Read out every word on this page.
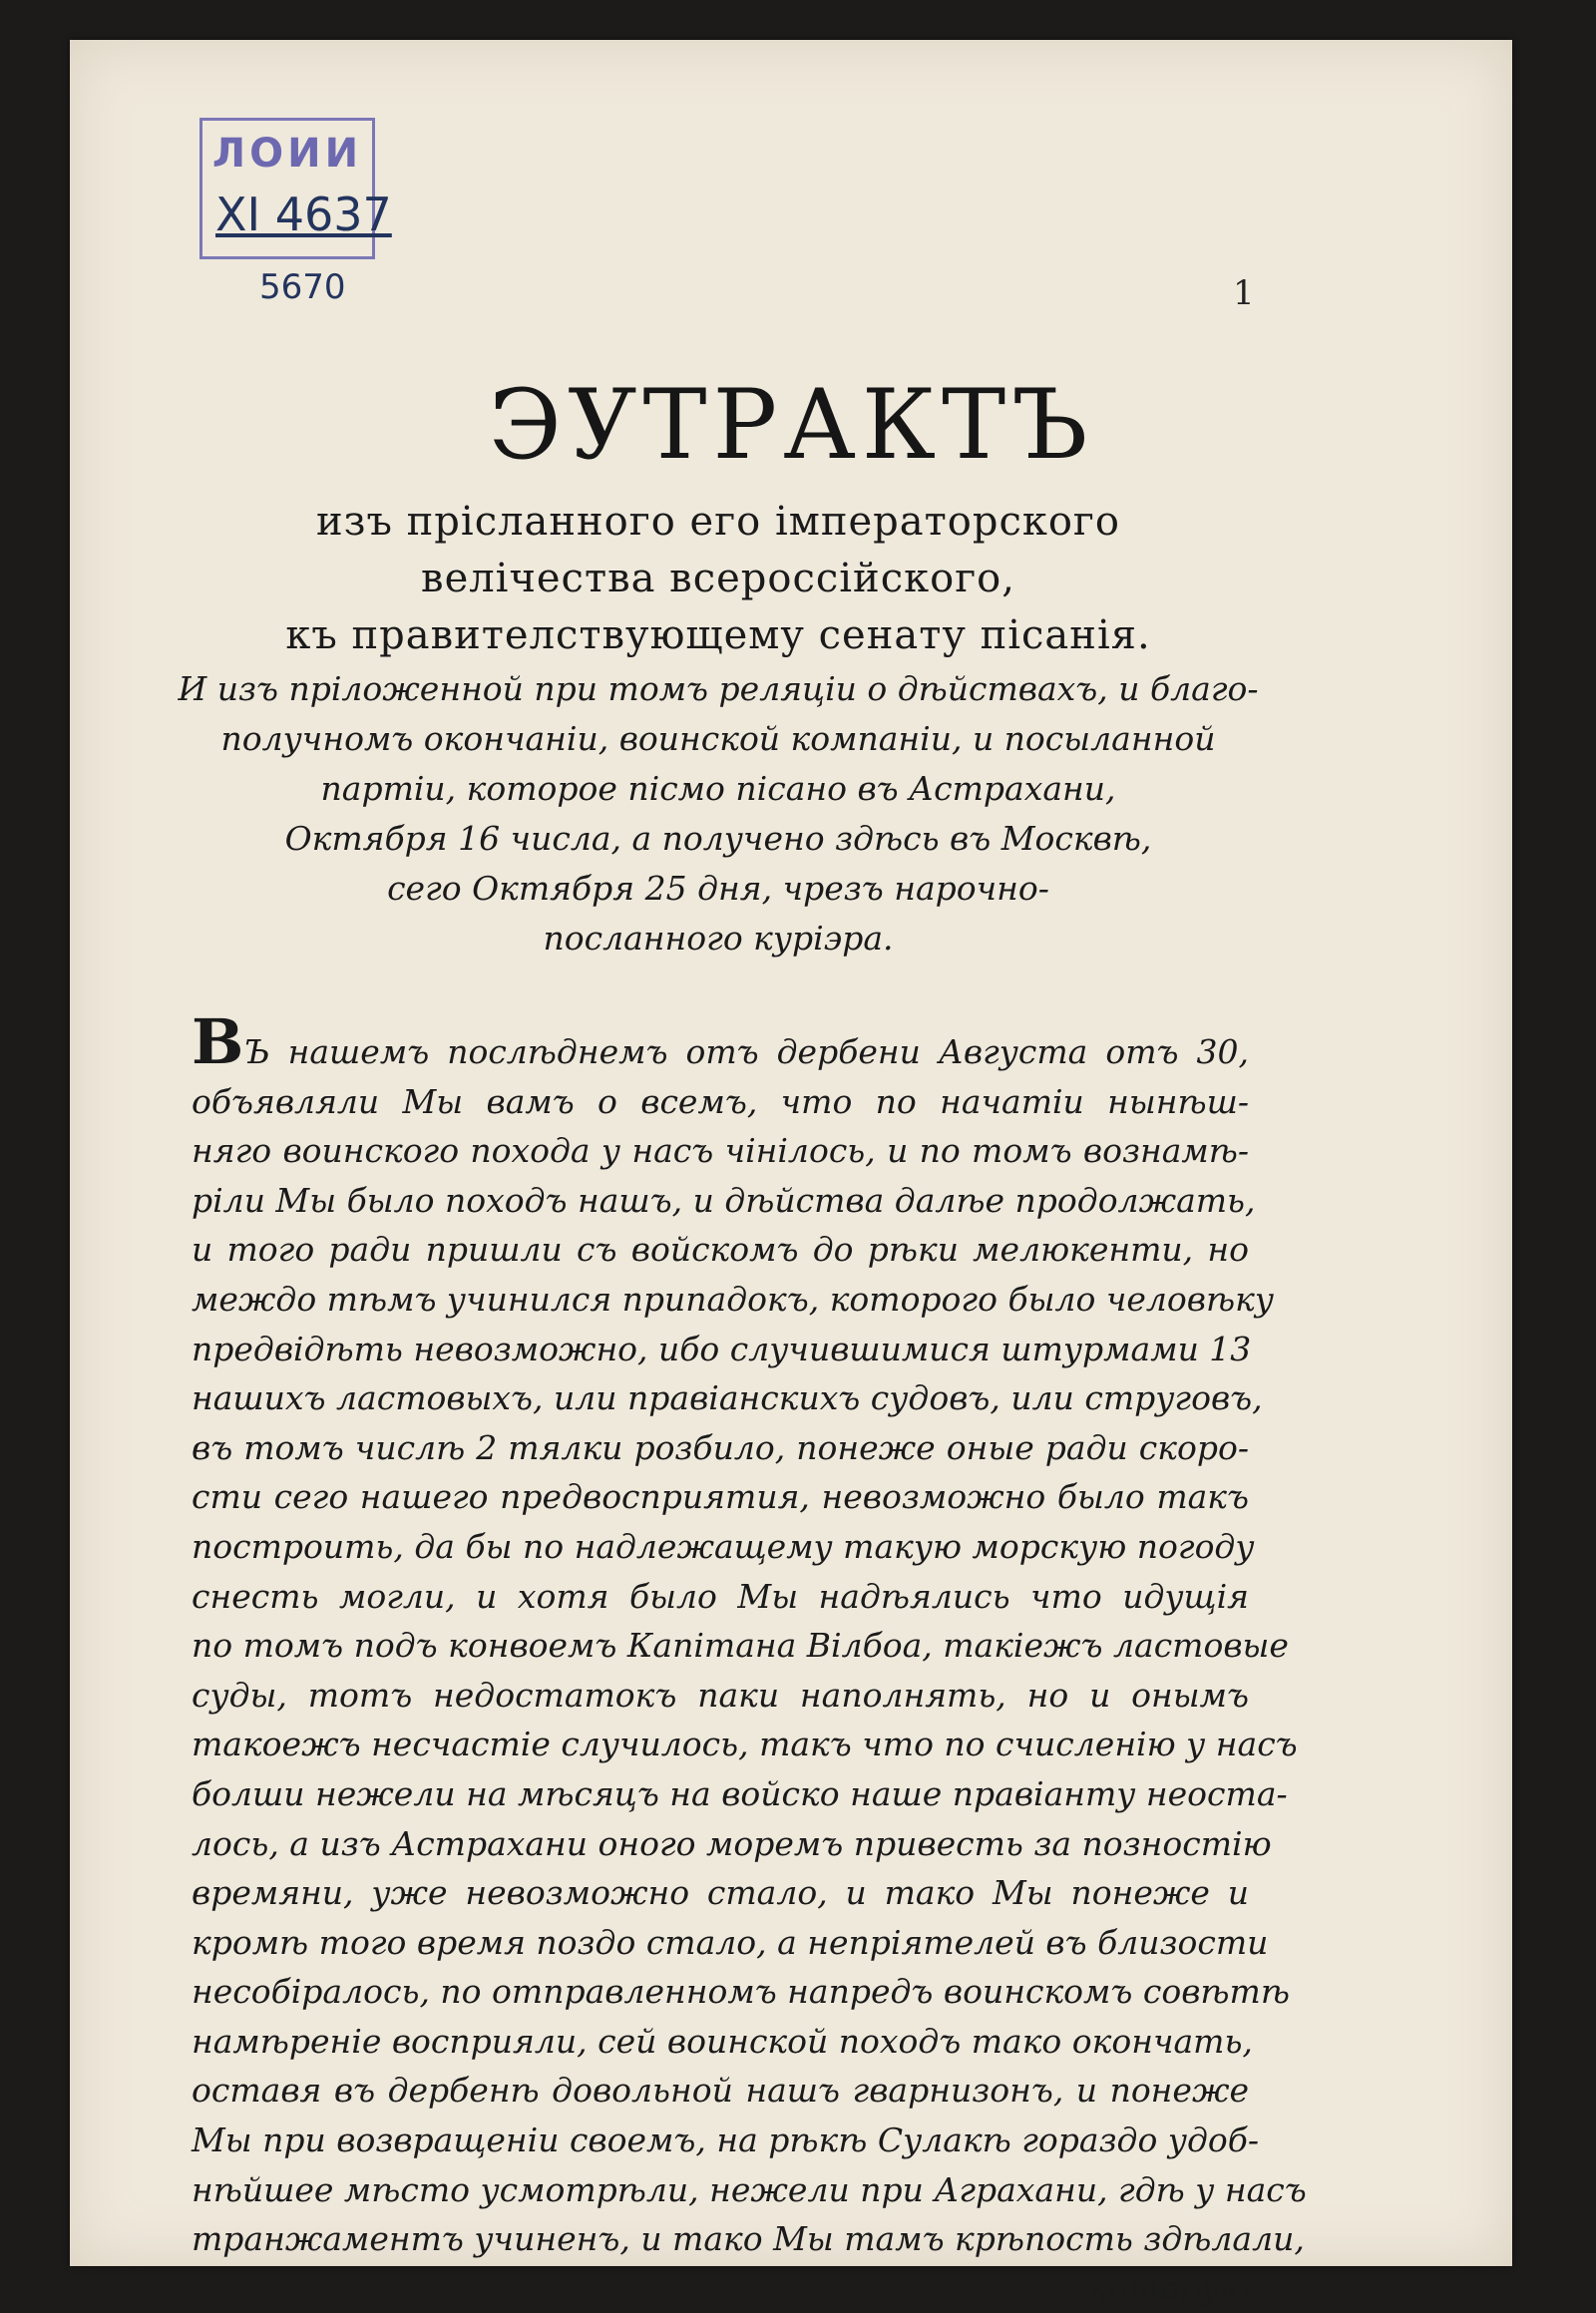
ЛОИИ
XI 4637
5670	1
ЭУТРАКТЪ
изъ прісланного его імператорского
велічества всероссійского,
къ правителствующему сенату пісанія.
И изъ пріложенной при томъ реляціи о дѣйствахъ, и благо-
получномъ окончаніи, воинской компаніи, и посыланной
партіи, которое пісмо пісано въ Астрахани,
Октября 16 числа, а получено здѣсь въ Москвѣ,
сего Октября 25 дня, чрезъ нарочно-
посланного куріэра.
ВЪ нашемъ послѣднемъ отъ дербени Августа отъ 30,
объявляли Мы вамъ о всемъ, что по начатіи нынѣш-
няго воинского похода у насъ чінілось, и по томъ вознамѣ-
ріли Мы было походъ нашъ, и дѣйства далѣе продолжать,
и того ради пришли съ войскомъ до рѣки мелюкенти, но
междо тѣмъ учинился припадокъ, которого было человѣку
предвідѣть невозможно, ибо случившимися штурмами 13
нашихъ ластовыхъ, или правіанскихъ судовъ, или струговъ,
въ томъ числѣ 2 тялки розбило, понеже оные ради скоро-
сти сего нашего предвосприятия, невозможно было такъ
построить, да бы по надлежащему такую морскую погоду
снесть могли, и хотя было Мы надѣялись что идущія
по томъ подъ конвоемъ Капітана Вілбоа, такіежъ ластовые
суды, тотъ недостатокъ паки наполнять, но и онымъ
такоежъ несчастіе случилось, такъ что по счисленію у насъ
болши нежели на мѣсяцъ на войско наше правіанту неоста-
лось, а изъ Астрахани оного моремъ привесть за позностію
времяни, уже невозможно стало, и тако Мы понеже и
кромѣ того время поздо стало, а непріятелей въ близости
несобіралось, по отправленномъ напредъ воинскомъ совѣтѣ
намѣреніе восприяли, сей воинской походъ тако окончать,
оставя въ дербенѣ довольной нашъ гварнизонъ, и понеже
Мы при возвращеніи своемъ, на рѣкѣ Сулакѣ гораздо удоб-
нѣйшее мѣсто усмотрѣли, нежели при Аграхани, гдѣ у насъ
транжаментъ учиненъ, и тако Мы тамъ крѣпость здѣлали,
которую
